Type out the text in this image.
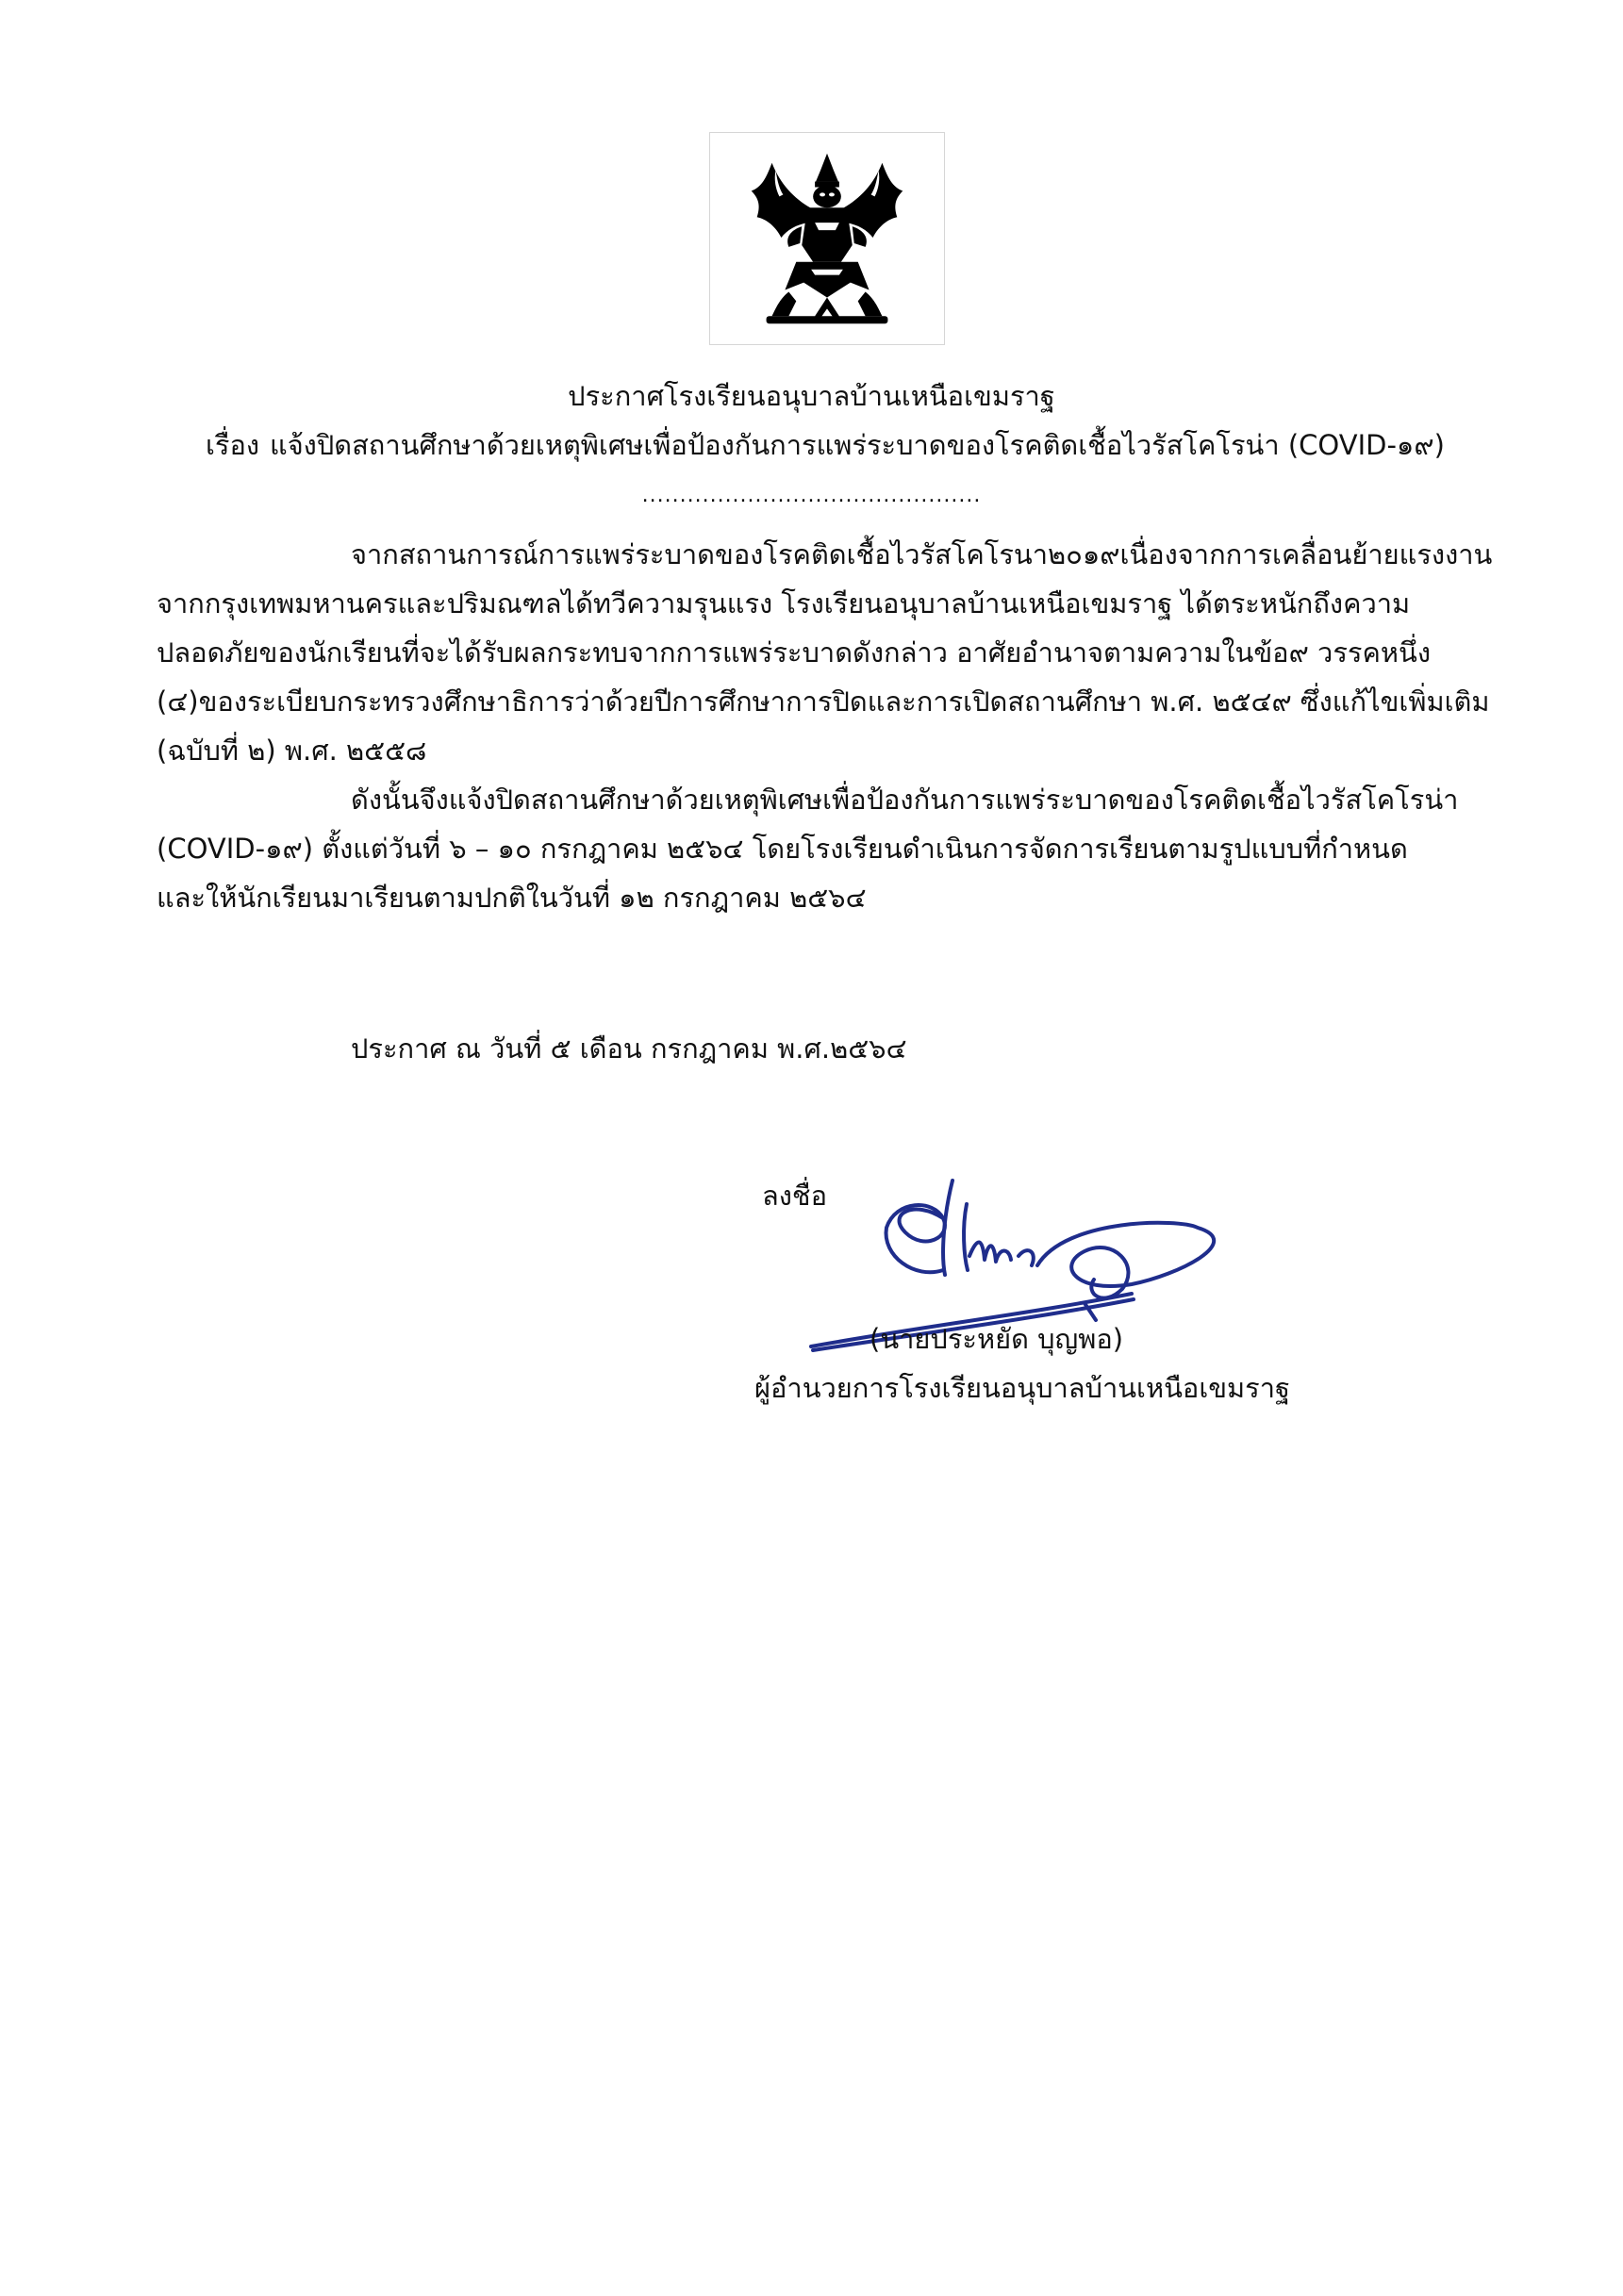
ประกาศโรงเรียนอนุบาลบ้านเหนือเขมราฐ
เรื่อง แจ้งปิดสถานศึกษาด้วยเหตุพิเศษเพื่อป้องกันการแพร่ระบาดของโรคติดเชื้อไวรัสโคโรน่า (COVID-๑๙)
.............................................

จากสถานการณ์การแพร่ระบาดของโรคติดเชื้อไวรัสโคโรนา๒๐๑๙เนื่องจากการเคลื่อนย้ายแรงงาน

จากกรุงเทพมหานครและปริมณฑลได้ทวีความรุนแรง โรงเรียนอนุบาลบ้านเหนือเขมราฐ ได้ตระหนักถึงความ

ปลอดภัยของนักเรียนที่จะได้รับผลกระทบจากการแพร่ระบาดดังกล่าว อาศัยอำนาจตามความในข้อ๙ วรรคหนึ่ง

(๔)ของระเบียบกระทรวงศึกษาธิการว่าด้วยปีการศึกษาการปิดและการเปิดสถานศึกษา พ.ศ. ๒๕๔๙ ซึ่งแก้ไขเพิ่มเติม

(ฉบับที่ ๒) พ.ศ. ๒๕๕๘

ดังนั้นจึงแจ้งปิดสถานศึกษาด้วยเหตุพิเศษเพื่อป้องกันการแพร่ระบาดของโรคติดเชื้อไวรัสโคโรน่า

(COVID-๑๙) ตั้งแต่วันที่ ๖ – ๑๐ กรกฎาคม ๒๕๖๔ โดยโรงเรียนดำเนินการจัดการเรียนตามรูปแบบที่กำหนด

และให้นักเรียนมาเรียนตามปกติในวันที่ ๑๒ กรกฎาคม ๒๕๖๔

ประกาศ ณ วันที่ ๕ เดือน กรกฎาคม พ.ศ.๒๕๖๔
ลงชื่อ
(นายประหยัด บุญพอ)
ผู้อำนวยการโรงเรียนอนุบาลบ้านเหนือเขมราฐ
